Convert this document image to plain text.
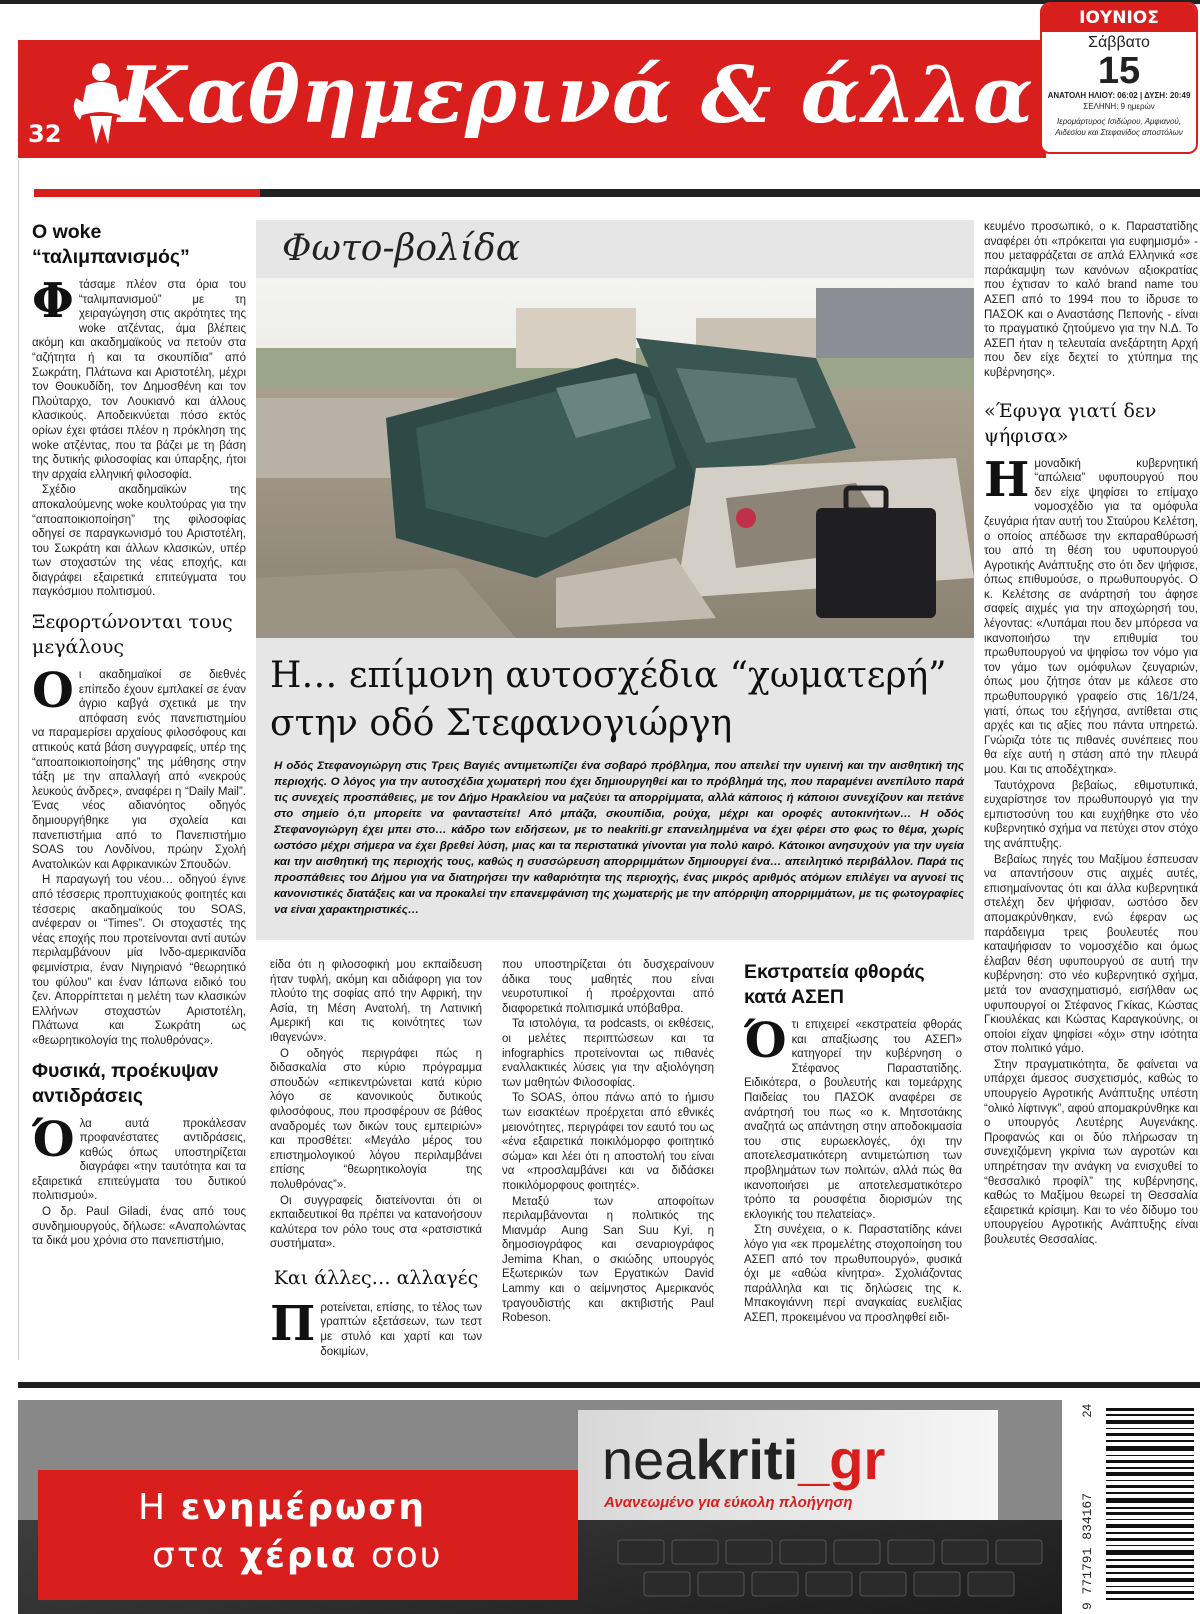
32 Καθημερινά & άλλα
ΙΟΥΝΙΟΣ
Σάββατο
15
ΑΝΑΤΟΛΗ ΗΛΙΟΥ: 06:02 | ΔΥΣΗ: 20:49
ΣΕΛΗΝΗ: 9 ημερών
Ιερομάρτυρος Ισιδώρου, Αμφιανού, Αιδεσίου και Στεφανίδος αποστόλων
Ο woke “ταλιμπανισμός”

Φτάσαμε πλέον στα όρια του “ταλιμπανισμού” με τη χειραγώγηση στις ακρότητες της woke ατζέντας, άμα βλέπεις ακόμη και ακαδημαϊκούς να πετούν στα “αζήτητα ή και τα σκουπίδια” από Σωκράτη, Πλάτωνα και Αριστοτέλη, μέχρι τον Θουκυδίδη, τον Δημοσθένη και τον Πλούταρχο, τον Λουκιανό και άλλους κλασικούς. Αποδεικνύεται πόσο εκτός ορίων έχει φτάσει πλέον η πρόκληση της woke ατζέντας, που τα βάζει με τη βάση της δυτικής φιλοσοφίας και ύπαρξης, ήτοι την αρχαία ελληνική φιλοσοφία.

Σχέδιο ακαδημαϊκών της αποκαλούμενης woke κουλτούρας για την “αποαποικιοποίηση” της φιλοσοφίας οδηγεί σε παραγκωνισμό του Αριστοτέλη, του Σωκράτη και άλλων κλασικών, υπέρ των στοχαστών της νέας εποχής, και διαγράφει εξαιρετικά επιτεύγματα του παγκόσμιου πολιτισμού.

Ξεφορτώνονται τους μεγάλους

Οι ακαδημαϊκοί σε διεθνές επίπεδο έχουν εμπλακεί σε έναν άγριο καβγά σχετικά με την απόφαση ενός πανεπιστημίου να παραμερίσει αρχαίους φιλοσόφους και αττικούς κατά βάση συγγραφείς, υπέρ της “αποαποικιοποίησης” της μάθησης στην τάξη με την απαλλαγή από «νεκρούς λευκούς άνδρες», αναφέρει η “Daily Mail”. Ένας νέος αδιανόητος οδηγός δημιουργήθηκε για σχολεία και πανεπιστήμια από το Πανεπιστήμιο SOAS του Λονδίνου, πρώην Σχολή Ανατολικών και Αφρικανικών Σπουδών.

Η παραγωγή του νέου… οδηγού έγινε από τέσσερις προπτυχιακούς φοιτητές και τέσσερις ακαδημαϊκούς του SOAS, ανέφεραν οι “Times”. Οι στοχαστές της νέας εποχής που προτείνονται αντί αυτών περιλαμβάνουν μία Ινδο-αμερικανίδα φεμινίστρια, έναν Νιγηριανό “θεωρητικό του φύλου” και έναν Ιάπωνα ειδικό του ζεν. Απορρίπτεται η μελέτη των κλασικών Ελλήνων στοχαστών Αριστοτέλη, Πλάτωνα και Σωκράτη ως «θεωρητικολογία της πολυθρόνας».

Φυσικά, προέκυψαν αντιδράσεις

Όλα αυτά προκάλεσαν προφανέστατες αντιδράσεις, καθώς όπως υποστηρίζεται διαγράφει «την ταυτότητα και τα εξαιρετικά επιτεύγματα του δυτικού πολιτισμού».

Ο δρ. Paul Giladi, ένας από τους συνδημιουργούς, δήλωσε: «Αναπολώντας τα δικά μου χρόνια στο πανεπιστήμιο,

Φωτο-βολίδα
Η… επίμονη αυτοσχέδια “χωματερή” στην οδό Στεφανογιώργη
Η οδός Στεφανογιώργη στις Τρεις Βαγιές αντιμετωπίζει ένα σοβαρό πρόβλημα, που απειλεί την υγιεινή και την αισθητική της περιοχής. Ο λόγος για την αυτοσχέδια χωματερή που έχει δημιουργηθεί και το πρόβλημά της, που παραμένει ανεπίλυτο παρά τις συνεχείς προσπάθειες, με τον Δήμο Ηρακλείου να μαζεύει τα απορρίμματα, αλλά κάποιος ή κάποιοι συνεχίζουν και πετάνε στο σημείο ό,τι μπορείτε να φανταστείτε! Από μπάζα, σκουπίδια, ρούχα, μέχρι και οροφές αυτοκινήτων… Η οδός Στεφανογιώργη έχει μπει στο… κάδρο των ειδήσεων, με το neakriti.gr επανειλημμένα να έχει φέρει στο φως το θέμα, χωρίς ωστόσο μέχρι σήμερα να έχει βρεθεί λύση, μιας και τα περιστατικά γίνονται για πολύ καιρό. Κάτοικοι ανησυχούν για την υγεία και την αισθητική της περιοχής τους, καθώς η συσσώρευση απορριμμάτων δημιουργεί ένα… απειλητικό περιβάλλον. Παρά τις προσπάθειες του Δήμου για να διατηρήσει την καθαριότητα της περιοχής, ένας μικρός αριθμός ατόμων επιλέγει να αγνοεί τις κανονιστικές διατάξεις και να προκαλεί την επανεμφάνιση της χωματερής με την απόρριψη απορριμμάτων, με τις φωτογραφίες να είναι χαρακτηριστικές…

είδα ότι η φιλοσοφική μου εκπαίδευση ήταν τυφλή, ακόμη και αδιάφορη για τον πλούτο της σοφίας από την Αφρική, την Ασία, τη Μέση Ανατολή, τη Λατινική Αμερική και τις κοινότητες των ιθαγενών».

Ο οδηγός περιγράφει πώς η διδασκαλία στο κύριο πρόγραμμα σπουδών «επικεντρώνεται κατά κύριο λόγο σε κανονικούς δυτικούς φιλοσόφους, που προσφέρουν σε βάθος αναδρομές των δικών τους εμπειριών» και προσθέτει: «Μεγάλο μέρος του επιστημολογικού λόγου περιλαμβάνει επίσης “θεωρητικολογία της πολυθρόνας”».

Οι συγγραφείς διατείνονται ότι οι εκπαιδευτικοί θα πρέπει να κατανοήσουν καλύτερα τον ρόλο τους στα «ρατσιστικά συστήματα».

Και άλλες… αλλαγές

Προτείνεται, επίσης, το τέλος των γραπτών εξετάσεων, των τεστ με στυλό και χαρτί και των δοκιμίων,

που υποστηρίζεται ότι δυσχεραίνουν άδικα τους μαθητές που είναι νευροτυπικοί ή προέρχονται από διαφορετικά πολιτισμικά υπόβαθρα.

Τα ιστολόγια, τα podcasts, οι εκθέσεις, οι μελέτες περιπτώσεων και τα infographics προτείνονται ως πιθανές εναλλακτικές λύσεις για την αξιολόγηση των μαθητών Φιλοσοφίας.

Το SOAS, όπου πάνω από το ήμισυ των εισακτέων προέρχεται από εθνικές μειονότητες, περιγράφει τον εαυτό του ως «ένα εξαιρετικά ποικιλόμορφο φοιτητικό σώμα» και λέει ότι η αποστολή του είναι να «προσλαμβάνει και να διδάσκει ποικιλόμορφους φοιτητές».

Μεταξύ των αποφοίτων περιλαμβάνονται η πολιτικός της Μιανμάρ Aung San Suu Kyi, η δημοσιογράφος και σεναριογράφος Jemima Khan, ο σκιώδης υπουργός Εξωτερικών των Εργατικών David Lammy και ο αείμνηστος Αμερικανός τραγουδιστής και ακτιβιστής Paul Robeson.

Εκστρατεία φθοράς κατά ΑΣΕΠ

Ότι επιχειρεί «εκστρατεία φθοράς και απαξίωσης του ΑΣΕΠ» κατηγορεί την κυβέρνηση ο Στέφανος Παραστατίδης. Ειδικότερα, ο βουλευτής και τομεάρχης Παιδείας του ΠΑΣΟΚ αναφέρει σε ανάρτησή του πως «ο κ. Μητσοτάκης αναζητά ως απάντηση στην απoδοκιμασία του στις ευρωεκλογές, όχι την αποτελεσματικότερη αντιμετώπιση των προβλημάτων των πολιτών, αλλά πώς θα ικανοποιήσει με αποτελεσματικότερο τρόπο τα ρουσφέτια διορισμών της εκλογικής του πελατείας».

Στη συνέχεια, ο κ. Παραστατίδης κάνει λόγο για «εκ προμελέτης στοχοποίηση του ΑΣΕΠ από τον πρωθυπουργό», φυσικά όχι με «αθώα κίνητρα». Σχολιάζοντας παράλληλα και τις δηλώσεις της κ. Μπακογιάννη περί αναγκαίας ευελιξίας ΑΣΕΠ, προκειμένου να προσληφθεί ειδι-

κευμένο προσωπικό, ο κ. Παραστατίδης αναφέρει ότι «πρόκειται για ευφημισμό» - που μεταφράζεται σε απλά Ελληνικά «σε παράκαμψη των κανόνων αξιοκρατίας που έχτισαν το καλό brand name του ΑΣΕΠ από το 1994 που το ίδρυσε το ΠΑΣΟΚ και ο Αναστάσης Πεπονής - είναι το πραγματικό ζητούμενο για την Ν.Δ. Το ΑΣΕΠ ήταν η τελευταία ανεξάρτητη Αρχή που δεν είχε δεχτεί το χτύπημα της κυβέρνησης».

«Έφυγα γιατί δεν ψήφισα»

Ημοναδική κυβερνητική “απώλεια” υφυπουργού που δεν είχε ψηφίσει το επίμαχο νομοσχέδιο για τα ομόφυλα ζευγάρια ήταν αυτή του Σταύρου Κελέτση, ο οποίος απέδωσε την εκπαραθύρωσή του από τη θέση του υφυπουργού Αγροτικής Ανάπτυξης στο ότι δεν ψήφισε, όπως επιθυμούσε, ο πρωθυπουργός. Ο κ. Κελέτσης σε ανάρτησή του άφησε σαφείς αιχμές για την αποχώρησή του, λέγοντας: «Λυπάμαι που δεν μπόρεσα να ικανοποιήσω την επιθυμία του πρωθυπουργού να ψηφίσω τον νόμο για τον γάμο των ομόφυλων ζευγαριών, όπως μου ζήτησε όταν με κάλεσε στο πρωθυπουργικό γραφείο στις 16/1/24, γιατί, όπως του εξήγησα, αντίθεται στις αρχές και τις αξίες που πάντα υπηρετώ. Γνώριζα τότε τις πιθανές συνέπειες που θα είχε αυτή η στάση από την πλευρά μου. Και τις αποδέχτηκα».

Ταυτόχρονα βεβαίως, εθιμοτυπικά, ευχαρίστησε τον πρωθυπουργό για την εμπιστοσύνη του και ευχήθηκε στο νέο κυβερνητικό σχήμα να πετύχει στον στόχο της ανάπτυξης.

Βεβαίως πηγές του Μαξίμου έσπευσαν να απαντήσουν στις αιχμές αυτές, επισημαίνοντας ότι και άλλα κυβερνητικά στελέχη δεν ψήφισαν, ωστόσο δεν απομακρύνθηκαν, ενώ έφεραν ως παράδειγμα τρεις βουλευτές που καταψήφισαν το νομοσχέδιο και όμως έλαβαν θέση υφυπουργού σε αυτή την κυβέρνηση: στο νέο κυβερνητικό σχήμα, μετά τον ανασχηματισμό, εισήλθαν ως υφυπουργοί οι Στέφανος Γκίκας, Κώστας Γκιουλέκας και Κώστας Καραγκούνης, οι οποίοι είχαν ψηφίσει «όχι» στην ισότητα στον πολιτικό γάμο.

Στην πραγματικότητα, δε φαίνεται να υπάρχει άμεσος συσχετισμός, καθώς το υπουργείο Αγροτικής Ανάπτυξης υπέστη “ολικό λίφτινγκ”, αφού απομακρύνθηκε και ο υπουργός Λευτέρης Αυγενάκης. Προφανώς και οι δύο πλήρωσαν τη συνεχιζόμενη γκρίνια των αγροτών και υπηρέτησαν την ανάγκη να ενισχυθεί το “θεσσαλικό προφίλ” της κυβέρνησης, καθώς το Μαξίμου θεωρεί τη Θεσσαλία εξαιρετικά κρίσιμη. Και το νέο δίδυμο του υπουργείου Αγροτικής Ανάπτυξης είναι βουλευτές Θεσσαλίας.

neakriti_gr
Ανανεωμένο για εύκολη πλοήγηση
Η ενημέρωση
στα χέρια σου
24
9 771791 834167
